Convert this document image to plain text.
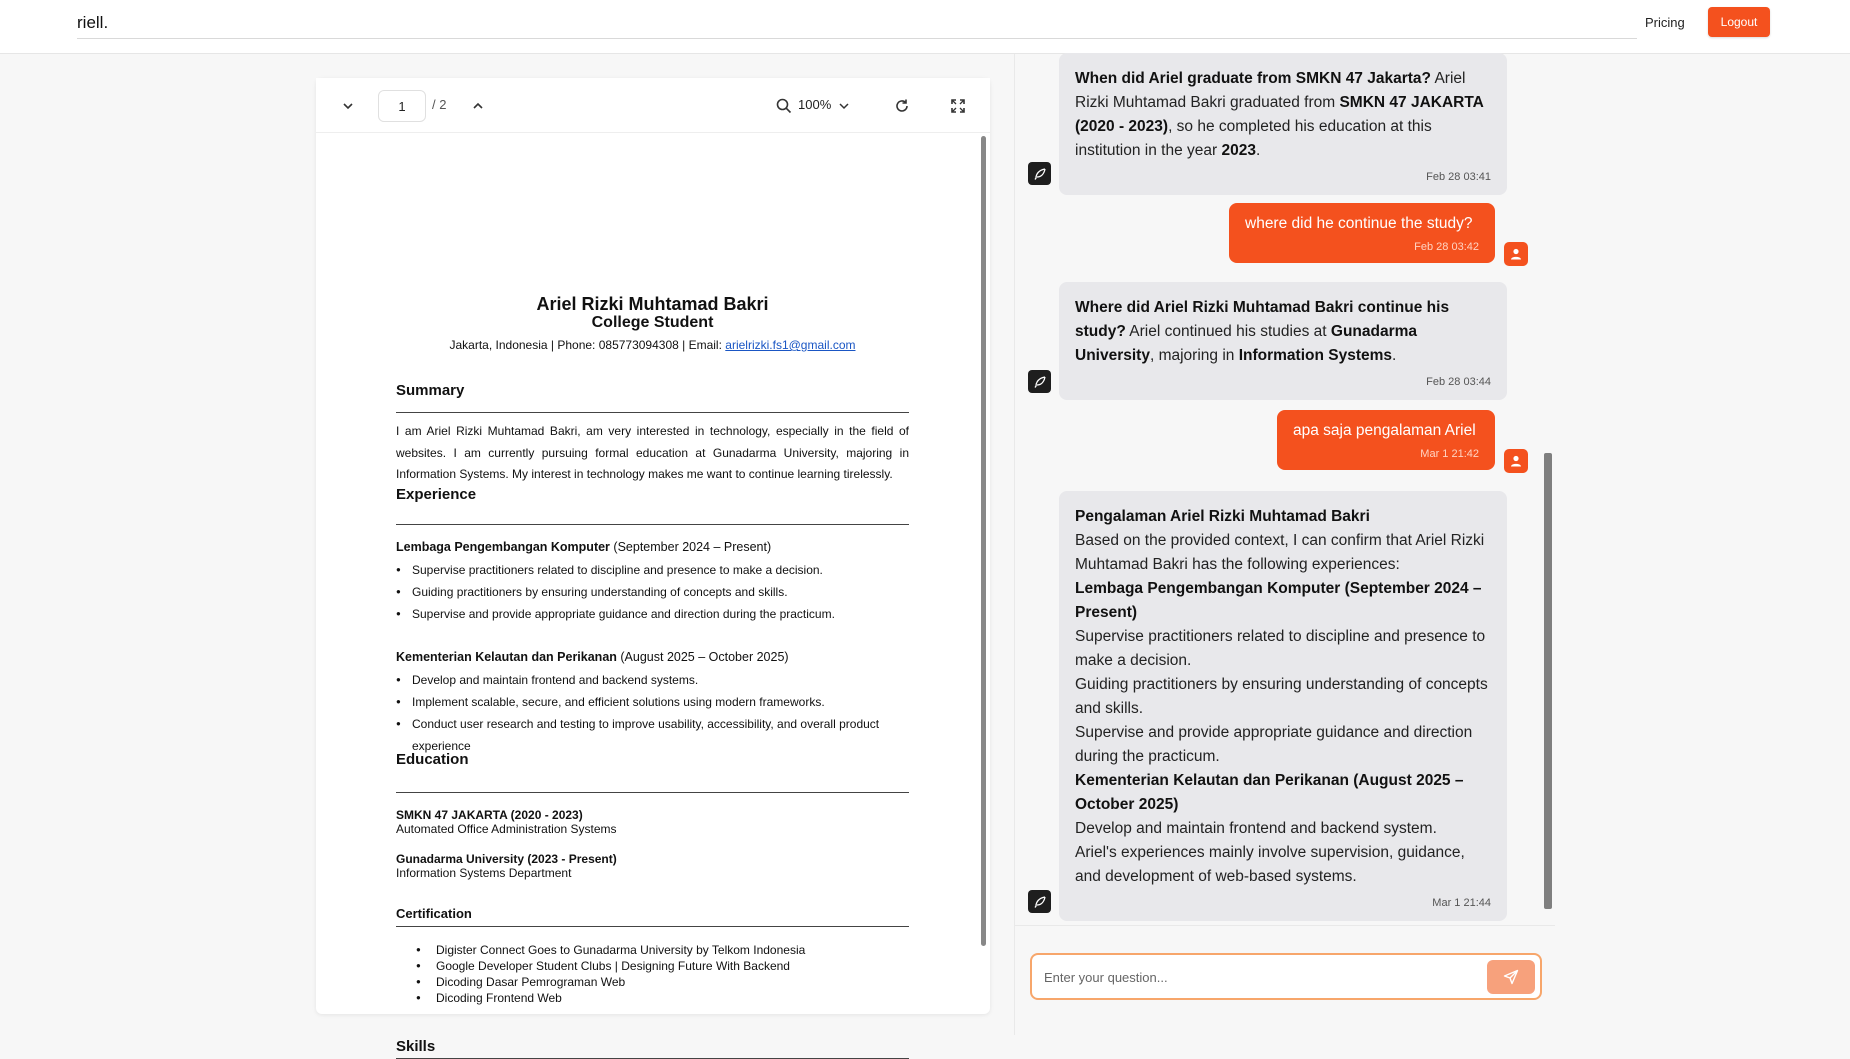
riell.	Pricing	Logout
1	/ 2	100%
Ariel Rizki Muhtamad Bakri
College Student
Jakarta, Indonesia | Phone: 085773094308 | Email: arielrizki.fs1@gmail.com
Summary
I am Ariel Rizki Muhtamad Bakri, am very interested in technology, especially in the field of websites. I am currently pursuing formal education at Gunadarma University, majoring in Information Systems. My interest in technology makes me want to continue learning tirelessly.
Experience
Lembaga Pengembangan Komputer (September 2024 – Present)
● Supervise practitioners related to discipline and presence to make a decision.
● Guiding practitioners by ensuring understanding of concepts and skills.
● Supervise and provide appropriate guidance and direction during the practicum.
Kementerian Kelautan dan Perikanan (August 2025 – October 2025)
● Develop and maintain frontend and backend systems.
● Implement scalable, secure, and efficient solutions using modern frameworks.
● Conduct user research and testing to improve usability, accessibility, and overall product experience
Education
SMKN 47 JAKARTA (2020 - 2023)
Automated Office Administration Systems
Gunadarma University (2023 - Present)
Information Systems Department
Certification
● Digister Connect Goes to Gunadarma University by Telkom Indonesia
● Google Developer Student Clubs | Designing Future With Backend
● Dicoding Dasar Pemrograman Web
● Dicoding Frontend Web
Skills
When did Ariel graduate from SMKN 47 Jakarta? Ariel Rizki Muhtamad Bakri graduated from SMKN 47 JAKARTA (2020 - 2023), so he completed his education at this institution in the year 2023.
Feb 28 03:41
where did he continue the study?
Feb 28 03:42
Where did Ariel Rizki Muhtamad Bakri continue his study? Ariel continued his studies at Gunadarma University, majoring in Information Systems.
Feb 28 03:44
apa saja pengalaman Ariel
Mar 1 21:42
Pengalaman Ariel Rizki Muhtamad Bakri
Based on the provided context, I can confirm that Ariel Rizki Muhtamad Bakri has the following experiences:
Lembaga Pengembangan Komputer (September 2024 – Present)
Supervise practitioners related to discipline and presence to make a decision.
Guiding practitioners by ensuring understanding of concepts and skills.
Supervise and provide appropriate guidance and direction during the practicum.
Kementerian Kelautan dan Perikanan (August 2025 – October 2025)
Develop and maintain frontend and backend system.
Ariel's experiences mainly involve supervision, guidance, and development of web-based systems.
Mar 1 21:44
Enter your question...
